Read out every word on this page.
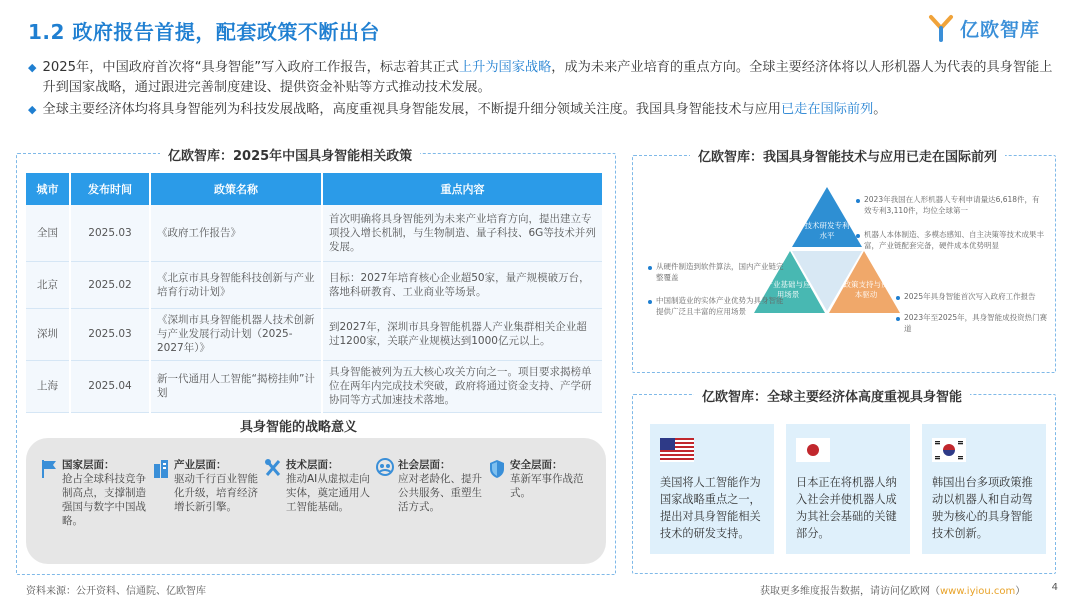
1.2 政府报告首提，配套政策不断出台	亿欧智库
◆ 2025年，中国政府首次将“具身智能”写入政府工作报告，标志着其正式上升为国家战略，成为未来产业培育的重点方向。全球主要经济体将以人形机器人为代表的具身智能上升到国家战略，通过跟进完善制度建设、提供资金补贴等方式推动技术发展。
◆ 全球主要经济体均将具身智能列为科技发展战略，高度重视具身智能发展，不断提升细分领域关注度。我国具身智能技术与应用已走在国际前列。
亿欧智库：2025年中国具身智能相关政策
城市	发布时间	政策名称	重点内容
全国	2025.03	《政府工作报告》	首次明确将具身智能列为未来产业培育方向，提出建立专项投入增长机制，与生物制造、量子科技、6G等技术并列发展。
北京	2025.02	《北京市具身智能科技创新与产业培育行动计划》	目标：2027年培育核心企业超50家，量产规模破万台，落地科研教育、工业商业等场景。
深圳	2025.03	《深圳市具身智能机器人技术创新与产业发展行动计划（2025-2027年）》	到2027年，深圳市具身智能机器人产业集群相关企业超过1200家，关联产业规模达到1000亿元以上。
上海	2025.04	新一代通用人工智能“揭榜挂帅”计划	具身智能被列为五大核心攻关方向之一。项目要求揭榜单位在两年内完成技术突破，政府将通过资金支持、产学研协同等方式加速技术落地。
具身智能的战略意义
国家层面：
抢占全球科技竞争制高点，支撑制造强国与数字中国战略。
产业层面：
驱动千行百业智能化升级，培育经济增长新引擎。
技术层面：
推动AI从虚拟走向实体，奠定通用人工智能基础。
社会层面：
应对老龄化、提升公共服务、重塑生活方式。
安全层面：
革新军事作战范式。
亿欧智库：我国具身智能技术与应用已走在国际前列
技术研发专利水平
产业基础与应用场景
政策支持与资本驱动
2023年我国在人形机器人专利申请量达6,618件，有效专利3,110件，均位全球第一
机器人本体制造、多模态感知、自主决策等技术成果丰富，产业链配套完备，硬件成本优势明显
2025年具身智能首次写入政府工作报告
2023年至2025年，具身智能成投资热门赛道
从硬件制造到软件算法，国内产业链完整覆盖
中国制造业的实体产业优势为具身智能提供广泛且丰富的应用场景
亿欧智库：全球主要经济体高度重视具身智能
美国将人工智能作为国家战略重点之一，提出对具身智能相关技术的研发支持。
日本正在将机器人纳入社会并使机器人成为其社会基础的关键部分。
韩国出台多项政策推动以机器人和自动驾驶为核心的具身智能技术创新。
资料来源：公开资料、信通院、亿欧智库	获取更多维度报告数据，请访问亿欧网（www.iyiou.com）	4
